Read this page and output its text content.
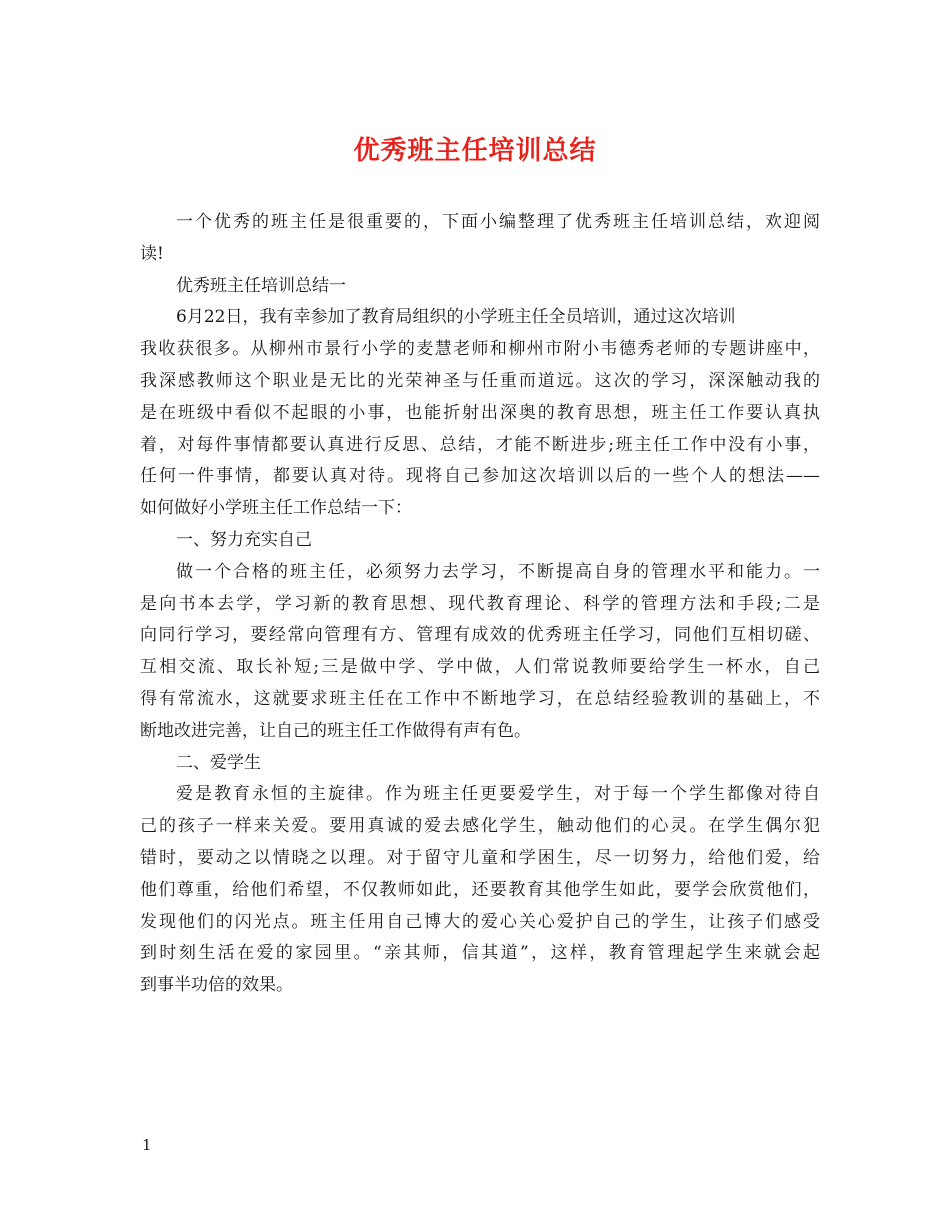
优秀班主任培训总结
一个优秀的班主任是很重要的，下面小编整理了优秀班主任培训总结，欢迎阅
读!
优秀班主任培训总结一
6月22日，我有幸参加了教育局组织的小学班主任全员培训，通过这次培训
我收获很多。从柳州市景行小学的麦慧老师和柳州市附小韦德秀老师的专题讲座中，
我深感教师这个职业是无比的光荣神圣与任重而道远。这次的学习，深深触动我的
是在班级中看似不起眼的小事，也能折射出深奥的教育思想，班主任工作要认真执
着，对每件事情都要认真进行反思、总结，才能不断进步;班主任工作中没有小事，
任何一件事情，都要认真对待。现将自己参加这次培训以后的一些个人的想法——
如何做好小学班主任工作总结一下：
一、努力充实自己
做一个合格的班主任，必须努力去学习，不断提高自身的管理水平和能力。一
是向书本去学，学习新的教育思想、现代教育理论、科学的管理方法和手段;二是
向同行学习，要经常向管理有方、管理有成效的优秀班主任学习，同他们互相切磋、
互相交流、取长补短;三是做中学、学中做，人们常说教师要给学生一杯水，自己
得有常流水，这就要求班主任在工作中不断地学习，在总结经验教训的基础上，不
断地改进完善，让自己的班主任工作做得有声有色。
二、爱学生
爱是教育永恒的主旋律。作为班主任更要爱学生，对于每一个学生都像对待自
己的孩子一样来关爱。要用真诚的爱去感化学生，触动他们的心灵。在学生偶尔犯
错时，要动之以情晓之以理。对于留守儿童和学困生，尽一切努力，给他们爱，给
他们尊重，给他们希望，不仅教师如此，还要教育其他学生如此，要学会欣赏他们，
发现他们的闪光点。班主任用自己博大的爱心关心爱护自己的学生，让孩子们感受
到时刻生活在爱的家园里。“亲其师，信其道”，这样，教育管理起学生来就会起
到事半功倍的效果。
1
